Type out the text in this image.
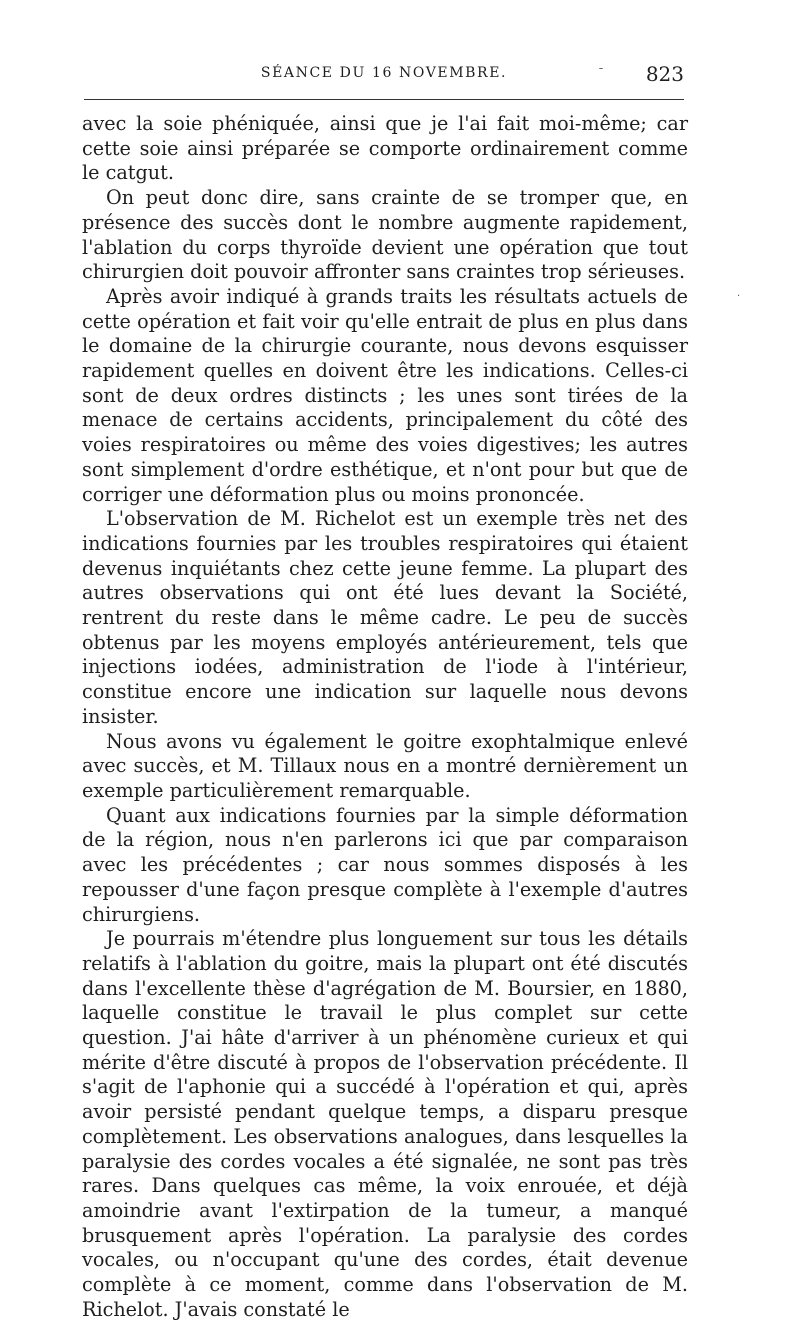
SÉANCE DU 16 NOVEMBRE.	823
ˉ
·

avec la soie phéniquée, ainsi que je l'ai fait moi-même; car cette soie ainsi préparée se comporte ordinairement comme le catgut.

On peut donc dire, sans crainte de se tromper que, en présence des succès dont le nombre augmente rapidement, l'ablation du corps thyroïde devient une opération que tout chirurgien doit pouvoir affronter sans craintes trop sérieuses.

Après avoir indiqué à grands traits les résultats actuels de cette opération et fait voir qu'elle entrait de plus en plus dans le domaine de la chirurgie courante, nous devons esquisser rapidement quelles en doivent être les indications. Celles-ci sont de deux ordres distincts ; les unes sont tirées de la menace de certains accidents, principalement du côté des voies respiratoires ou même des voies digestives; les autres sont simplement d'ordre esthétique, et n'ont pour but que de corriger une déformation plus ou moins prononcée.

L'observation de M. Richelot est un exemple très net des indications fournies par les troubles respiratoires qui étaient devenus inquiétants chez cette jeune femme. La plupart des autres observations qui ont été lues devant la Société, rentrent du reste dans le même cadre. Le peu de succès obtenus par les moyens employés antérieurement, tels que injections iodées, administration de l'iode à l'intérieur, constitue encore une indication sur laquelle nous devons insister.

Nous avons vu également le goitre exophtalmique enlevé avec succès, et M. Tillaux nous en a montré dernièrement un exemple particulièrement remarquable.

Quant aux indications fournies par la simple déformation de la région, nous n'en parlerons ici que par comparaison avec les précédentes ; car nous sommes disposés à les repousser d'une façon presque complète à l'exemple d'autres chirurgiens.

Je pourrais m'étendre plus longuement sur tous les détails relatifs à l'ablation du goitre, mais la plupart ont été discutés dans l'excellente thèse d'agrégation de M. Boursier, en 1880, laquelle constitue le travail le plus complet sur cette question. J'ai hâte d'arriver à un phénomène curieux et qui mérite d'être discuté à propos de l'observation précédente. Il s'agit de l'aphonie qui a succédé à l'opération et qui, après avoir persisté pendant quelque temps, a disparu presque complètement. Les observations analogues, dans lesquelles la paralysie des cordes vocales a été signalée, ne sont pas très rares. Dans quelques cas même, la voix enrouée, et déjà amoindrie avant l'extirpation de la tumeur, a manqué brusquement après l'opération. La paralysie des cordes vocales, ou n'occupant qu'une des cordes, était devenue complète à ce moment, comme dans l'observation de M. Richelot. J'avais constaté le
